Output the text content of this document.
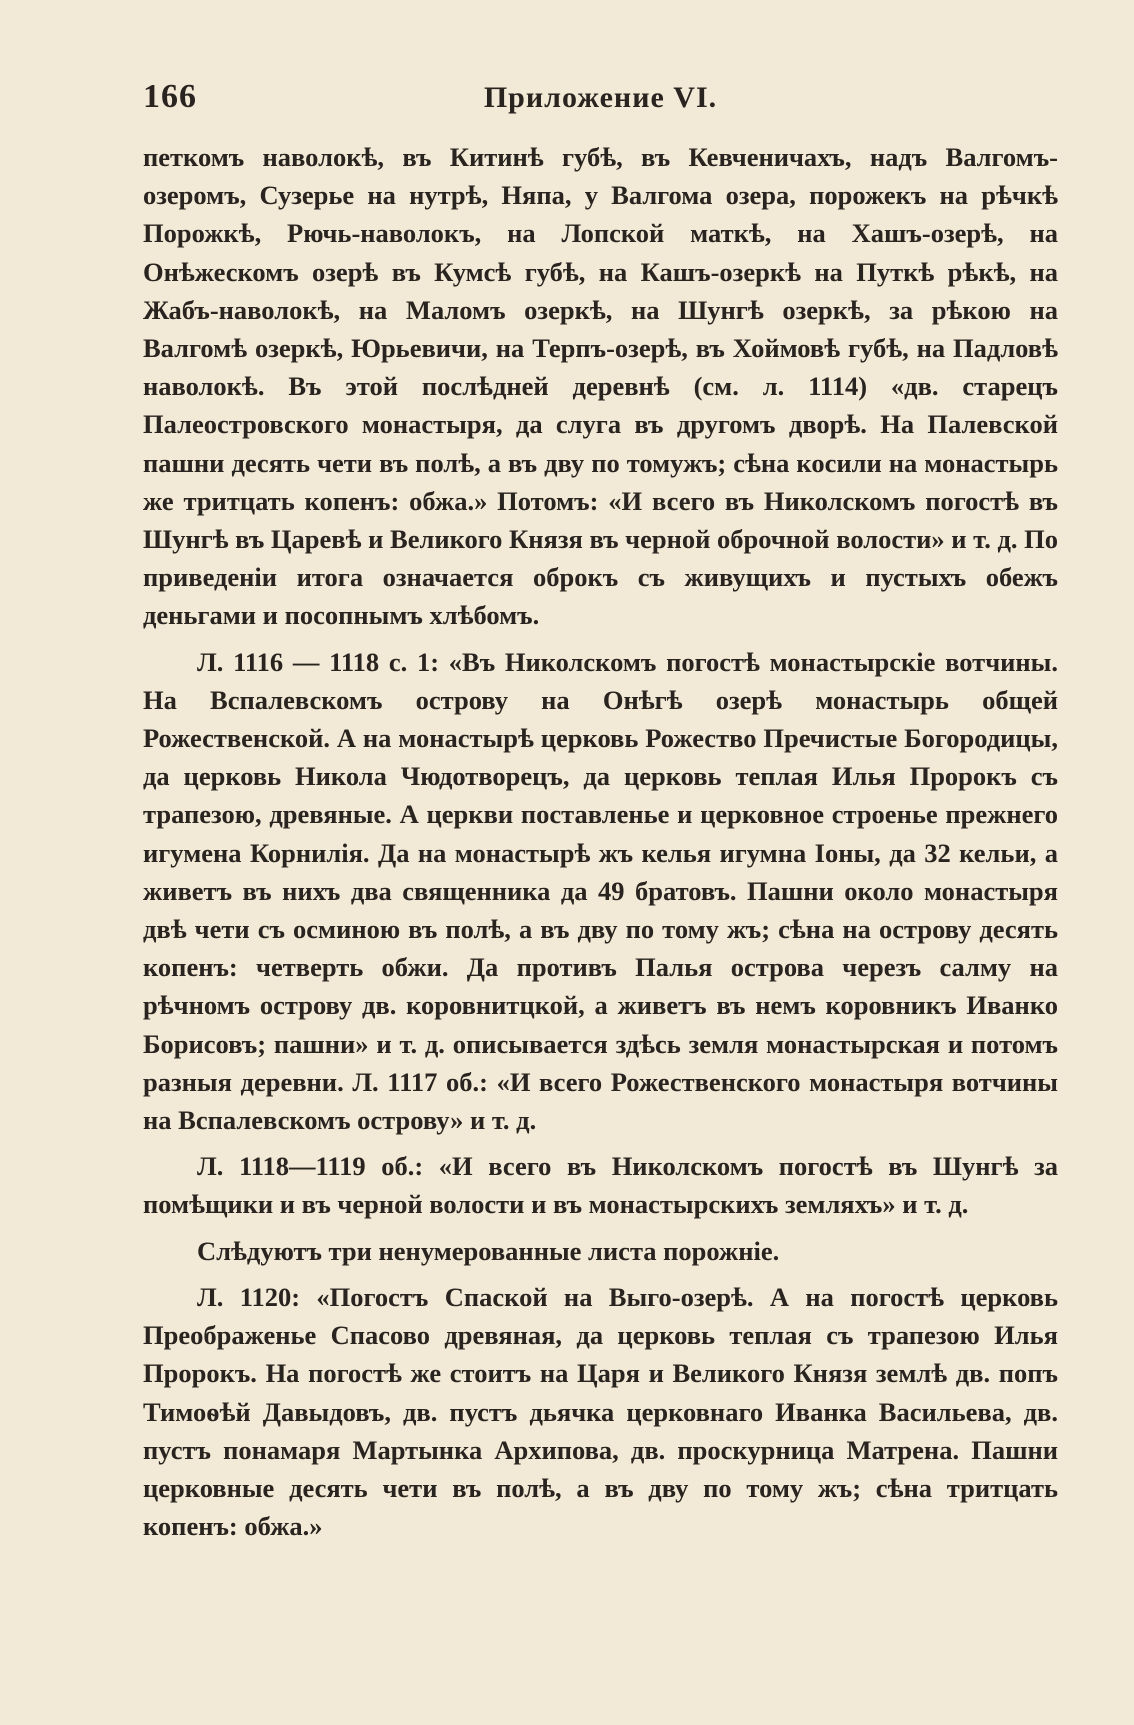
166	Приложение VI.

петкомъ наволокѣ, въ Китинѣ губѣ, въ Кевченичахъ, надъ Валгомъ-озеромъ, Сузерье на нутрѣ, Няпа, у Валгома озера, порожекъ на рѣчкѣ Порожкѣ, Рючь-наволокъ, на Лопской маткѣ, на Хашъ-озерѣ, на Онѣжескомъ озерѣ въ Кумсѣ губѣ, на Кашъ-озеркѣ на Путкѣ рѣкѣ, на Жабъ-наволокѣ, на Маломъ озеркѣ, на Шунгѣ озеркѣ, за рѣкою на Валгомѣ озеркѣ, Юрьевичи, на Терпъ-озерѣ, въ Хоймовѣ губѣ, на Падловѣ наволокѣ. Въ этой послѣдней деревнѣ (см. л. 1114) «дв. старецъ Палеостровского монастыря, да слуга въ другомъ дворѣ. На Палевской пашни десять чети въ полѣ, а въ дву по томужъ; сѣна косили на монастырь же тритцать копенъ: обжа.» Потомъ: «И всего въ Николскомъ погостѣ въ Шунгѣ въ Царевѣ и Великого Князя въ черной оброчной волости» и т. д. По приведеніи итога означается оброкъ съ живущихъ и пустыхъ обежъ деньгами и посопнымъ хлѣбомъ.

Л. 1116 — 1118 с. 1: «Въ Николскомъ погостѣ монастырскіе вотчины. На Вспалевскомъ острову на Онѣгѣ озерѣ монастырь общей Рожественской. А на монастырѣ церковь Рожество Пречистые Богородицы, да церковь Никола Чюдотворецъ, да церковь теплая Илья Пророкъ съ трапезою, древяные. А церкви поставленье и церковное строенье прежнего игумена Корнилія. Да на монастырѣ жъ келья игумна Іоны, да 32 кельи, а живетъ въ нихъ два священника да 49 братовъ. Пашни около монастыря двѣ чети съ осминою въ полѣ, а въ дву по тому жъ; сѣна на острову десять копенъ: четверть обжи. Да противъ Палья острова черезъ салму на рѣчномъ острову дв. коровнитцкой, а живетъ въ немъ коровникъ Иванко Борисовъ; пашни» и т. д. описывается здѣсь земля монастырская и потомъ разныя деревни. Л. 1117 об.: «И всего Рожественского монастыря вотчины на Вспалевскомъ острову» и т. д.

Л. 1118—1119 об.: «И всего въ Николскомъ погостѣ въ Шунгѣ за помѣщики и въ черной волости и въ монастырскихъ земляхъ» и т. д.

Слѣдуютъ три ненумерованные листа порожніе.

Л. 1120: «Погостъ Спаской на Выго-озерѣ. А на погостѣ церковь Преображенье Спасово древяная, да церковь теплая съ трапезою Илья Пророкъ. На погостѣ же стоитъ на Царя и Великого Князя землѣ дв. попъ Тимоѳѣй Давыдовъ, дв. пустъ дьячка церковнаго Иванка Васильева, дв. пустъ понамаря Мартынка Архипова, дв. проскурница Матрена. Пашни церковные десять чети въ полѣ, а въ дву по тому жъ; сѣна тритцать копенъ: обжа.»
